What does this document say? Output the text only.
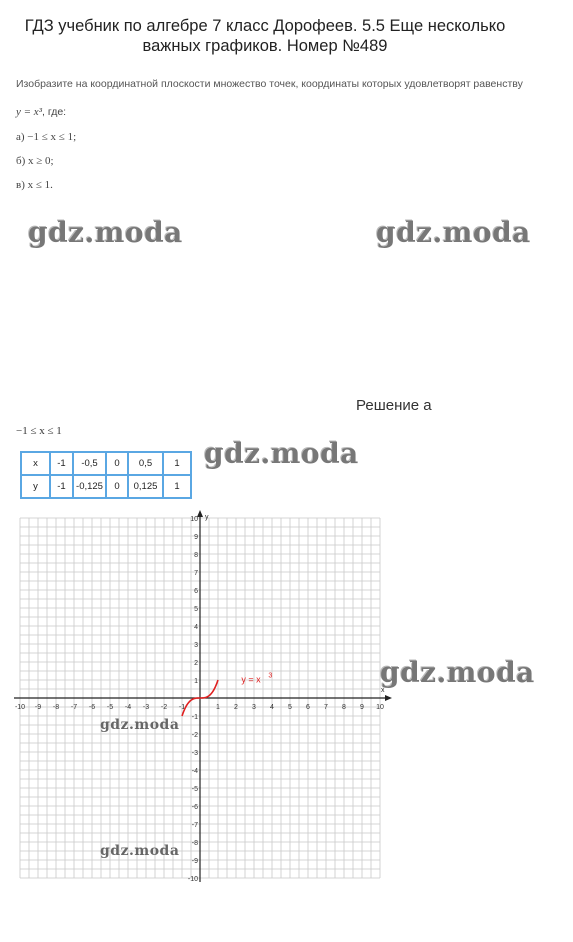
ГДЗ учебник по алгебре 7 класс Дорофеев. 5.5 Еще несколько важных графиков. Номер №489
Изобразите на координатной плоскости множество точек, координаты которых удовлетворят равенству
y = x³, где:
а) −1 ≤ x ≤ 1;
б) x ≥ 0;
в) x ≤ 1.
gdz.moda	gdz.moda
Решение а
−1 ≤ x ≤ 1
x	-1	-0,5	0	0,5	1
y	-1	-0,125	0	0,125	1
gdz.moda
x
y
-10 -9 -8 -7 -6 -5 -4 -3 -2 -1	1 2 3 4 5 6 7 8 9 10
10
9
8
7
6
5
4
3
2
1
-1
-2
-3
-4
-5
-6
-7
-8
-9
-10
y = x 3	gdz.moda
gdz.moda
gdz.moda
